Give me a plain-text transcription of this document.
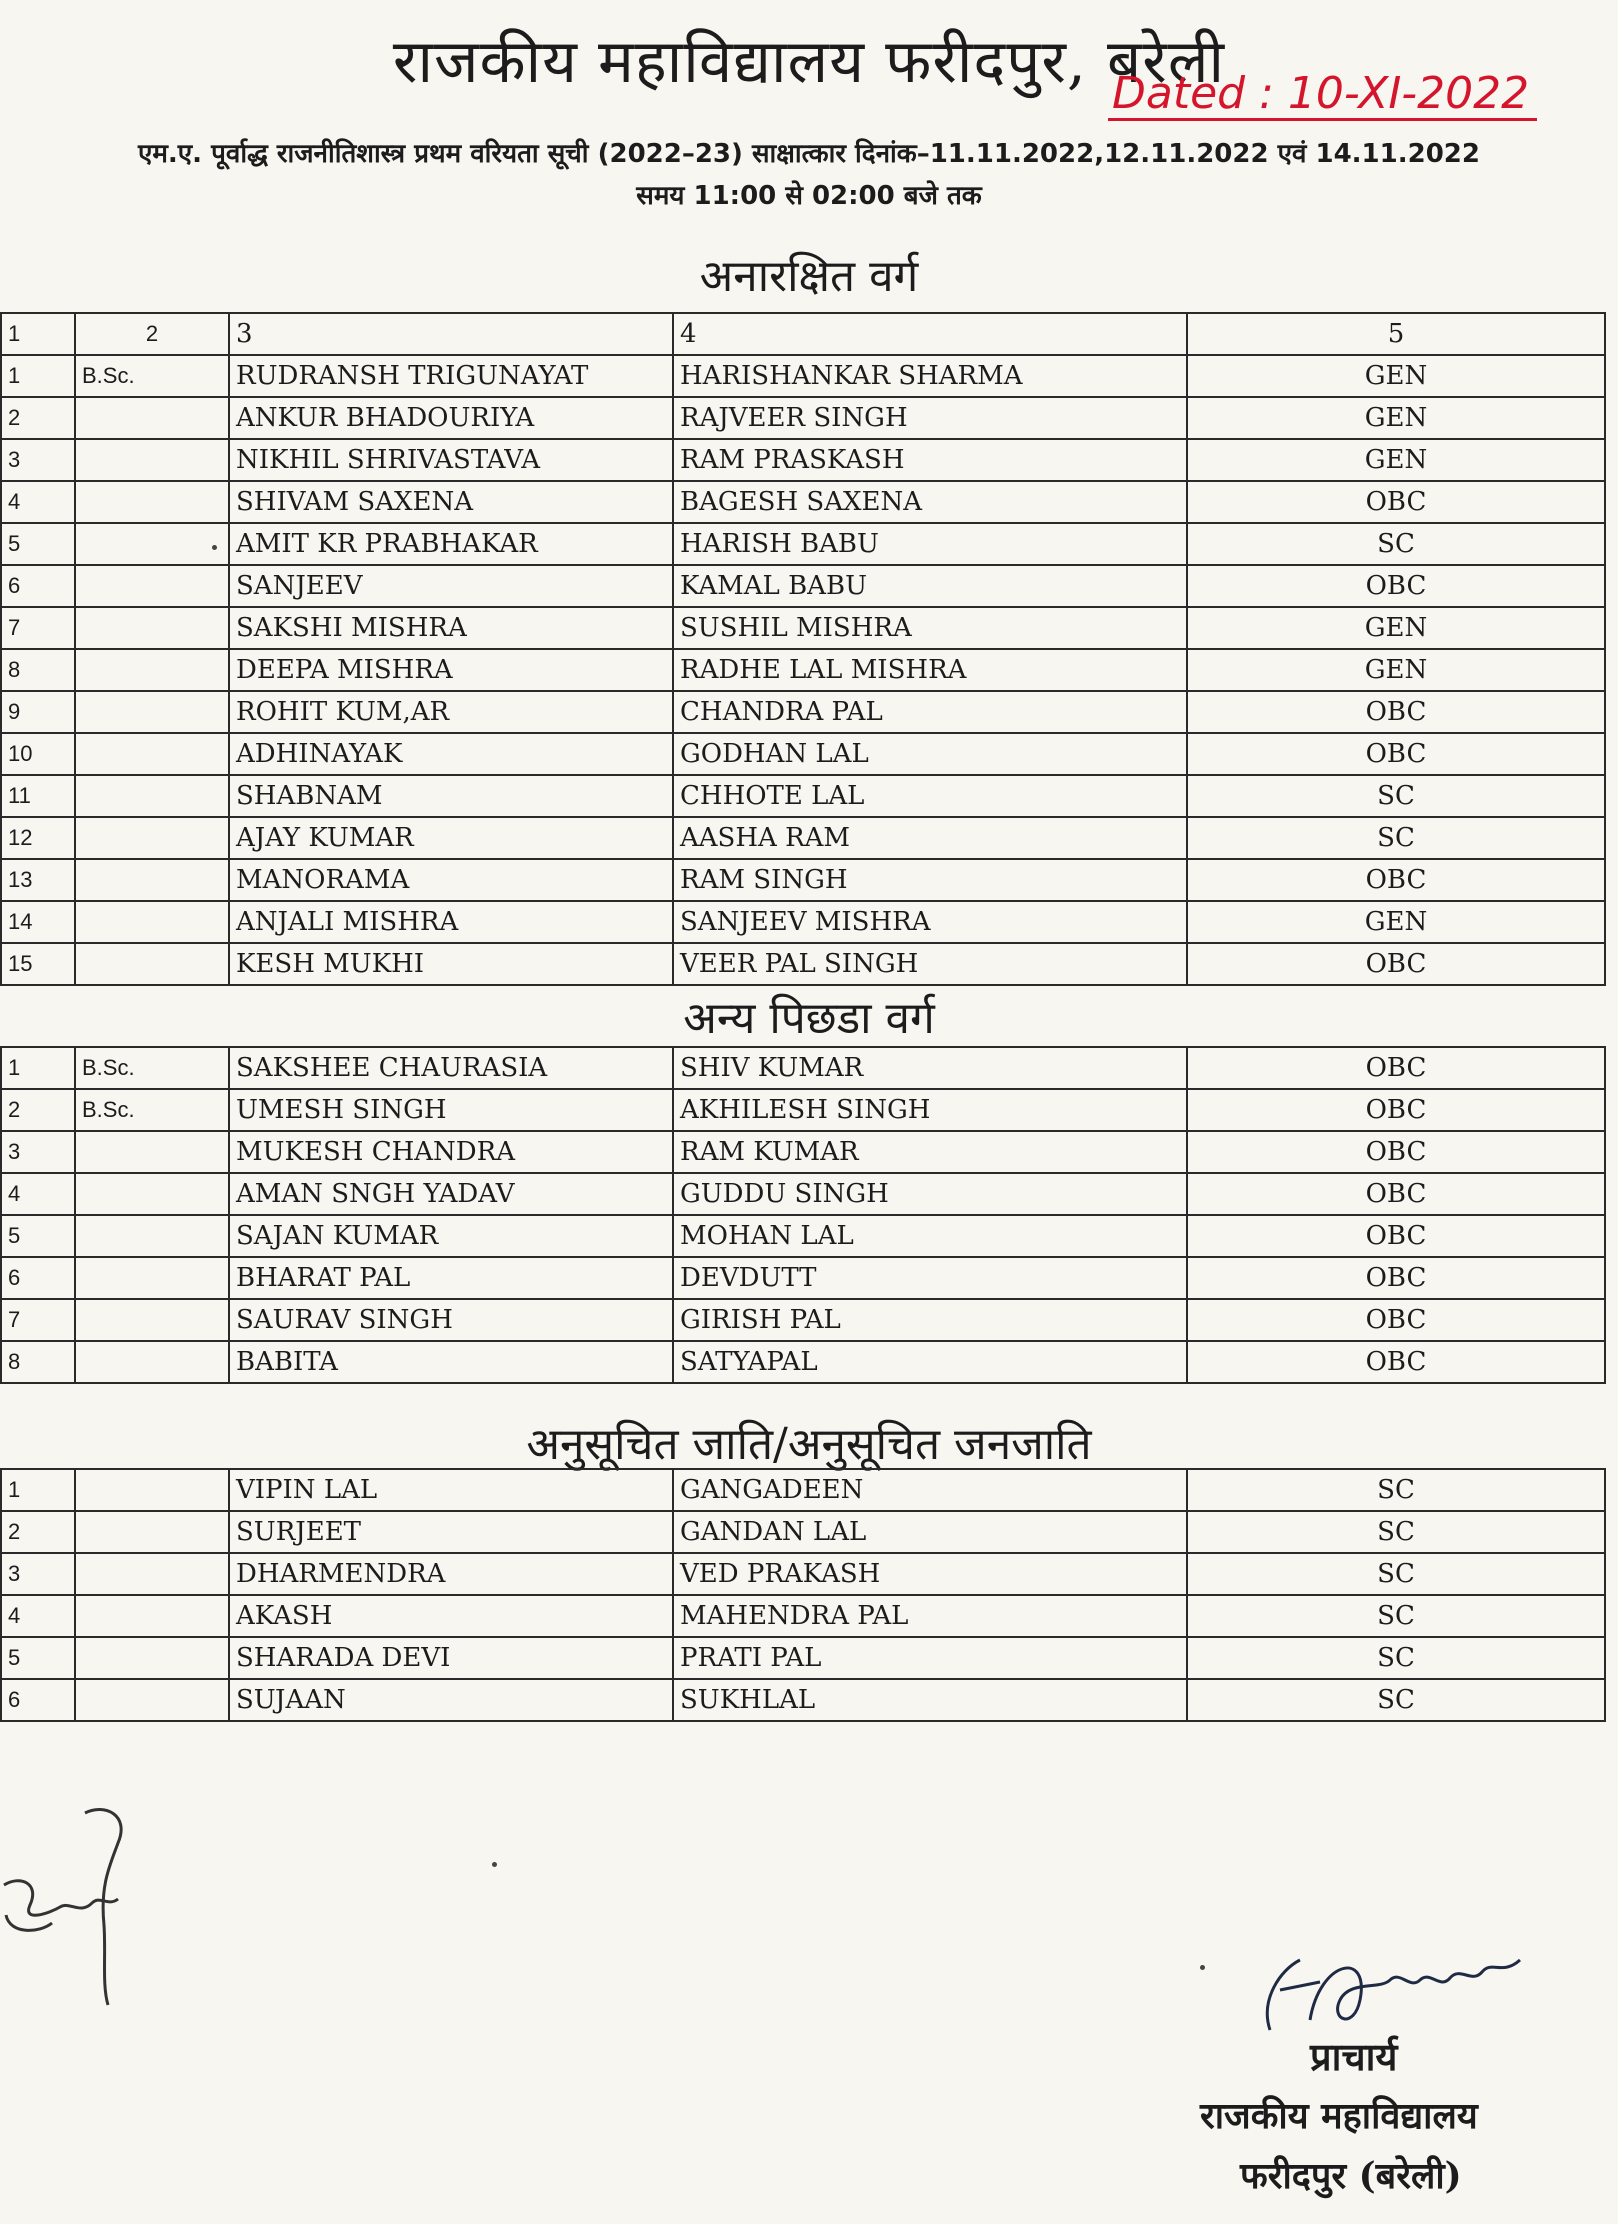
राजकीय महाविद्यालय फरीदपुर, बरेली
Dated : 10-XI-2022
एम.ए. पूर्वाद्ध राजनीतिशास्त्र प्रथम वरियता सूची (2022–23) साक्षात्कार दिनांक–11.11.2022,12.11.2022 एवं 14.11.2022
समय 11:00 से 02:00 बजे तक
अनारक्षित वर्ग
1	2	3	4	5
1	B.Sc.	RUDRANSH TRIGUNAYAT	HARISHANKAR SHARMA	GEN
2		ANKUR BHADOURIYA	RAJVEER SINGH	GEN
3		NIKHIL SHRIVASTAVA	RAM PRASKASH	GEN
4		SHIVAM SAXENA	BAGESH SAXENA	OBC
5		AMIT KR PRABHAKAR	HARISH BABU	SC
6		SANJEEV	KAMAL BABU	OBC
7		SAKSHI MISHRA	SUSHIL MISHRA	GEN
8		DEEPA MISHRA	RADHE LAL MISHRA	GEN
9		ROHIT KUM,AR	CHANDRA PAL	OBC
10		ADHINAYAK	GODHAN LAL	OBC
11		SHABNAM	CHHOTE LAL	SC
12		AJAY KUMAR	AASHA RAM	SC
13		MANORAMA	RAM SINGH	OBC
14		ANJALI MISHRA	SANJEEV MISHRA	GEN
15		KESH MUKHI	VEER PAL SINGH	OBC
अन्य पिछडा वर्ग
1	B.Sc.	SAKSHEE CHAURASIA	SHIV KUMAR	OBC
2	B.Sc.	UMESH SINGH	AKHILESH SINGH	OBC
3		MUKESH CHANDRA	RAM KUMAR	OBC
4		AMAN SNGH YADAV	GUDDU SINGH	OBC
5		SAJAN KUMAR	MOHAN LAL	OBC
6		BHARAT PAL	DEVDUTT	OBC
7		SAURAV SINGH	GIRISH PAL	OBC
8		BABITA	SATYAPAL	OBC
अनुसूचित जाति/अनुसूचित जनजाति
1		VIPIN LAL	GANGADEEN	SC
2		SURJEET	GANDAN LAL	SC
3		DHARMENDRA	VED PRAKASH	SC
4		AKASH	MAHENDRA PAL	SC
5		SHARADA DEVI	PRATI PAL	SC
6		SUJAAN	SUKHLAL	SC
प्राचार्य
राजकीय महाविद्यालय
फरीदपुर (बरेली)
